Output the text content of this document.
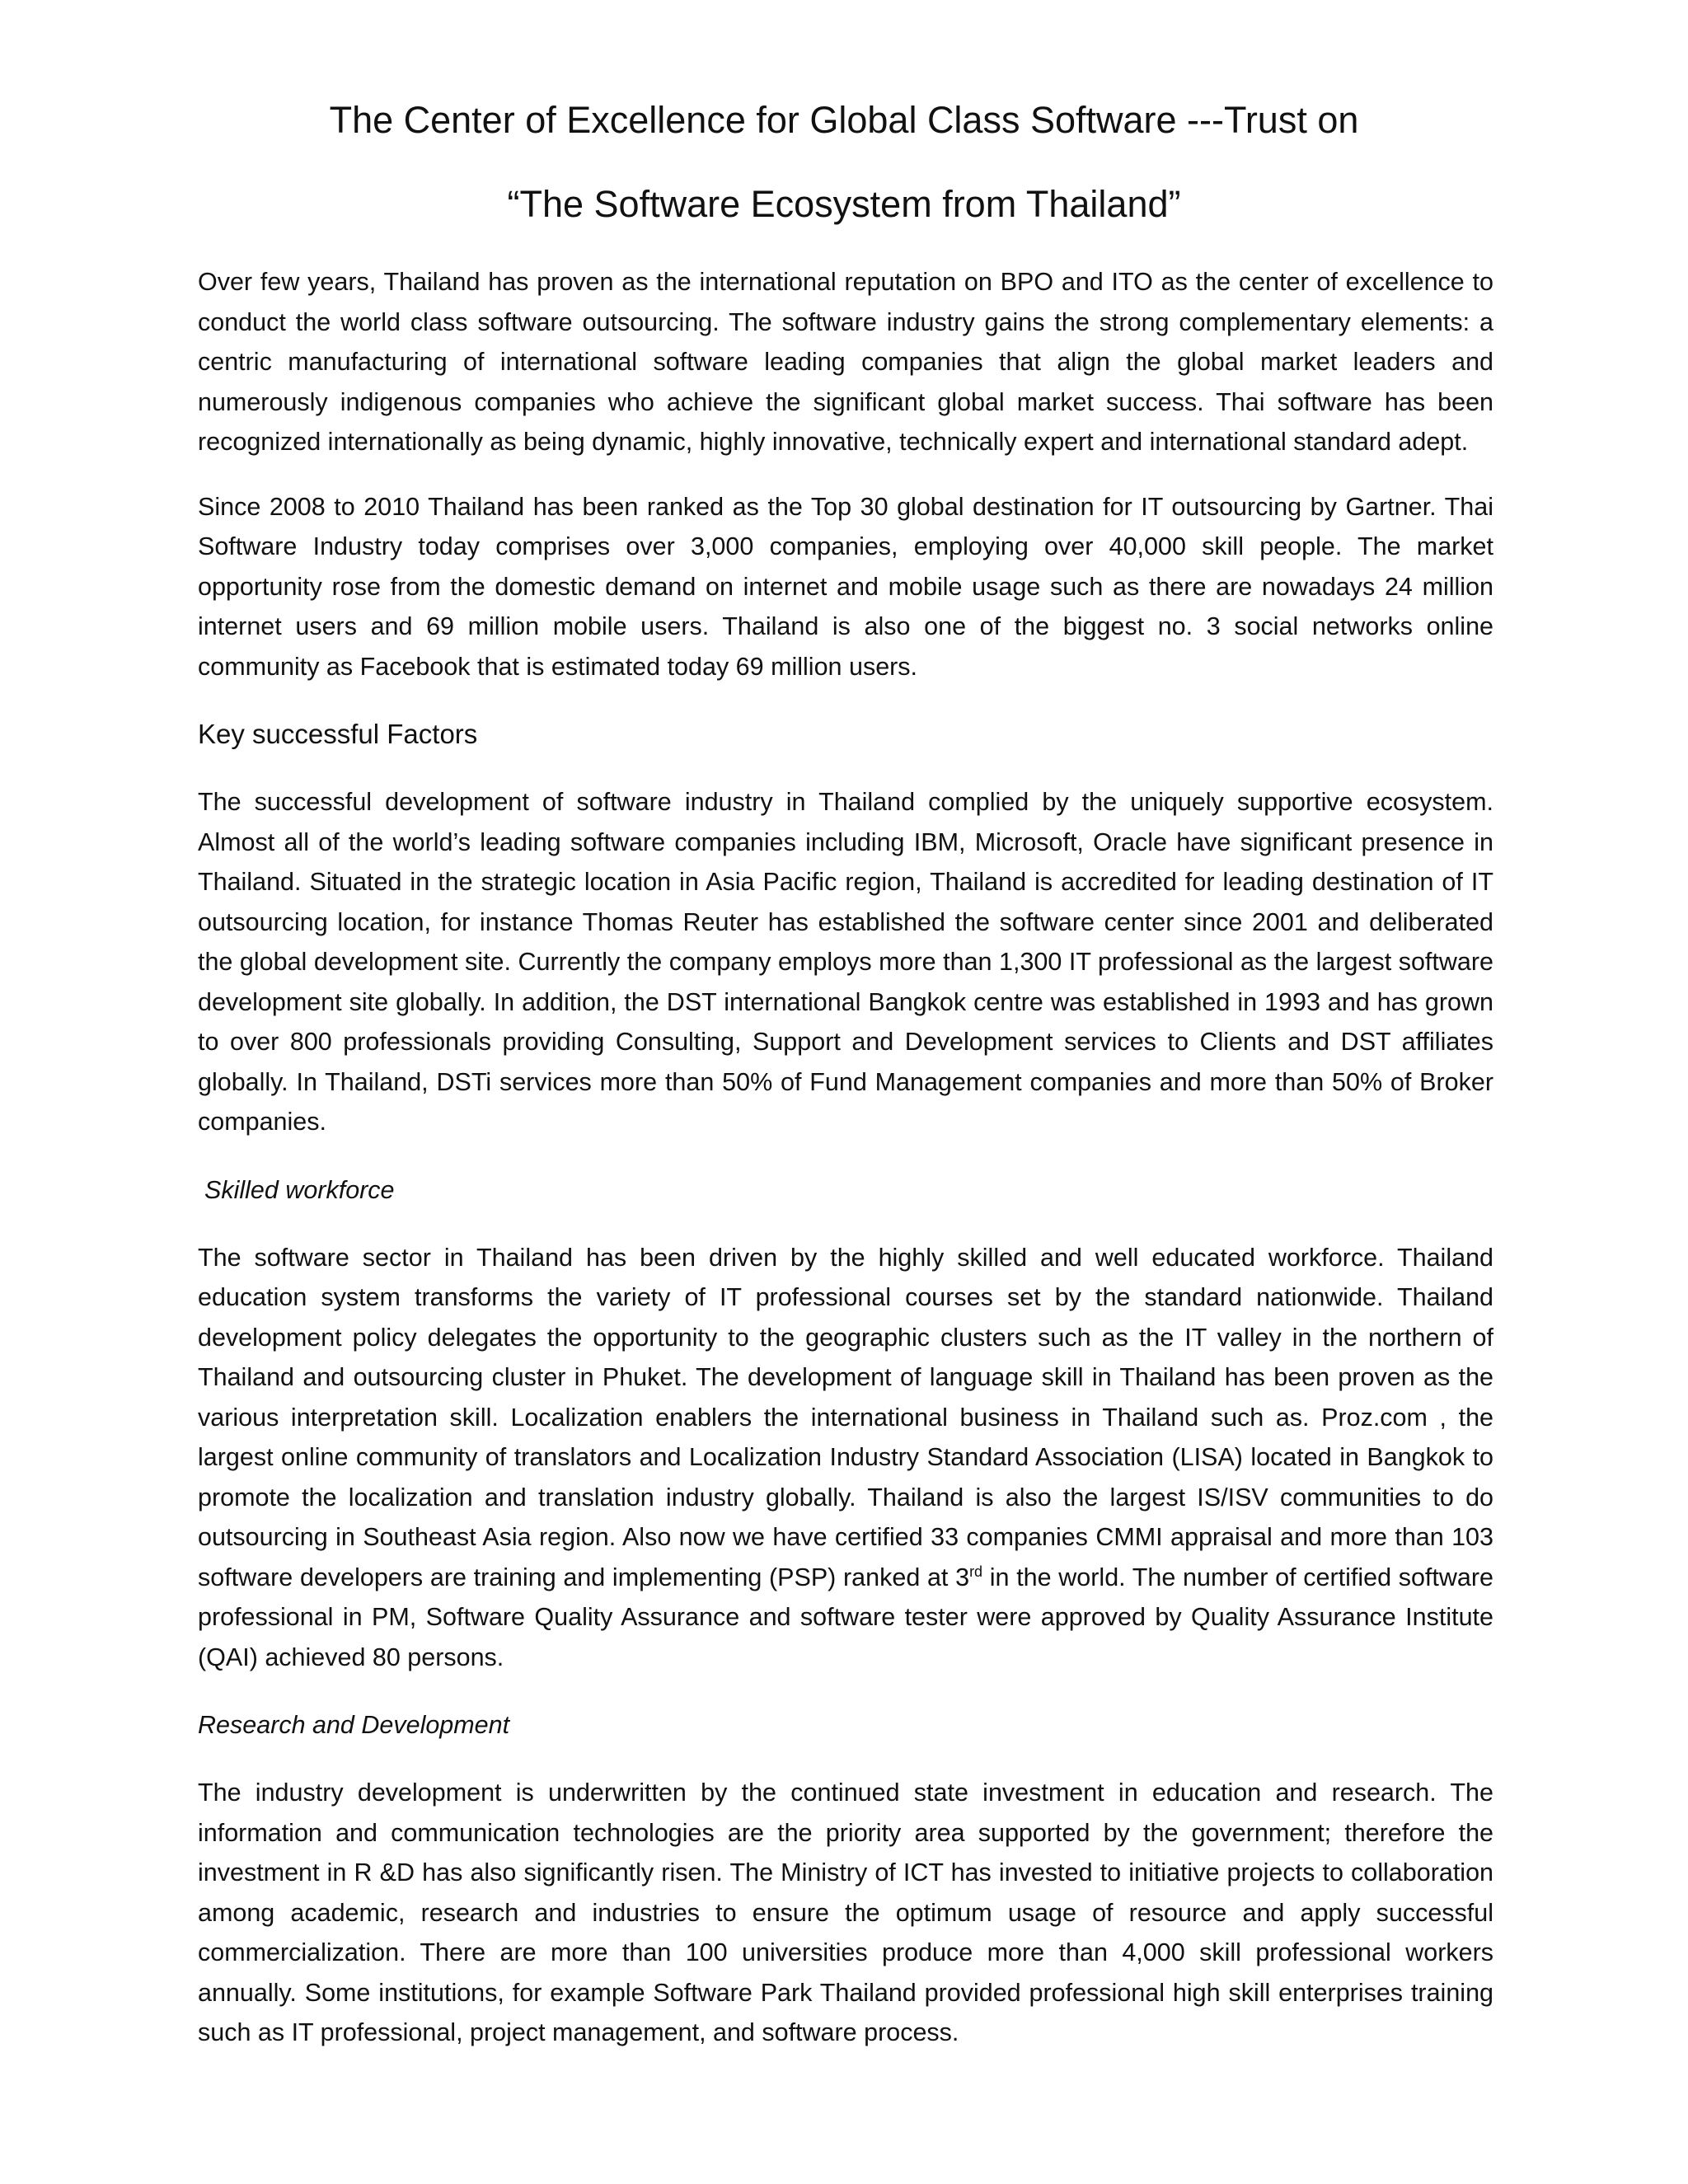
The Center of Excellence for Global Class Software ---Trust on
“The Software Ecosystem from Thailand”

Over few years, Thailand has proven as the international reputation on BPO and ITO as the center of excellence to conduct the world class software outsourcing. The software industry gains the strong complementary elements: a centric manufacturing of international software leading companies that align the global market leaders and numerously indigenous companies who achieve the significant global market success. Thai software has been recognized internationally as being dynamic, highly innovative, technically expert and international standard adept.

Since 2008 to 2010 Thailand has been ranked as the Top 30 global destination for IT outsourcing by Gartner. Thai Software Industry today comprises over 3,000 companies, employing over 40,000 skill people. The market opportunity rose from the domestic demand on internet and mobile usage such as there are nowadays 24 million internet users and 69 million mobile users. Thailand is also one of the biggest no. 3 social networks online community as Facebook that is estimated today 69 million users.

Key successful Factors

The successful development of software industry in Thailand complied by the uniquely supportive ecosystem. Almost all of the world’s leading software companies including IBM, Microsoft, Oracle have significant presence in Thailand. Situated in the strategic location in Asia Pacific region, Thailand is accredited for leading destination of IT outsourcing location, for instance Thomas Reuter has established the software center since 2001 and deliberated the global development site. Currently the company employs more than 1,300 IT professional as the largest software development site globally. In addition, the DST international Bangkok centre was established in 1993 and has grown to over 800 professionals providing Consulting, Support and Development services to Clients and DST affiliates globally. In Thailand, DSTi services more than 50% of Fund Management companies and more than 50% of Broker companies.

Skilled workforce

The software sector in Thailand has been driven by the highly skilled and well educated workforce. Thailand education system transforms the variety of IT professional courses set by the standard nationwide. Thailand development policy delegates the opportunity to the geographic clusters such as the IT valley in the northern of Thailand and outsourcing cluster in Phuket. The development of language skill in Thailand has been proven as the various interpretation skill. Localization enablers the international business in Thailand such as. Proz.com , the largest online community of translators and Localization Industry Standard Association (LISA) located in Bangkok to promote the localization and translation industry globally. Thailand is also the largest IS/ISV communities to do outsourcing in Southeast Asia region. Also now we have certified 33 companies CMMI appraisal and more than 103 software developers are training and implementing (PSP) ranked at 3rd in the world. The number of certified software professional in PM, Software Quality Assurance and software tester were approved by Quality Assurance Institute (QAI) achieved 80 persons.

Research and Development

The industry development is underwritten by the continued state investment in education and research. The information and communication technologies are the priority area supported by the government; therefore the investment in R &D has also significantly risen. The Ministry of ICT has invested to initiative projects to collaboration among academic, research and industries to ensure the optimum usage of resource and apply successful commercialization. There are more than 100 universities produce more than 4,000 skill professional workers annually. Some institutions, for example Software Park Thailand provided professional high skill enterprises training such as IT professional, project management, and software process.
